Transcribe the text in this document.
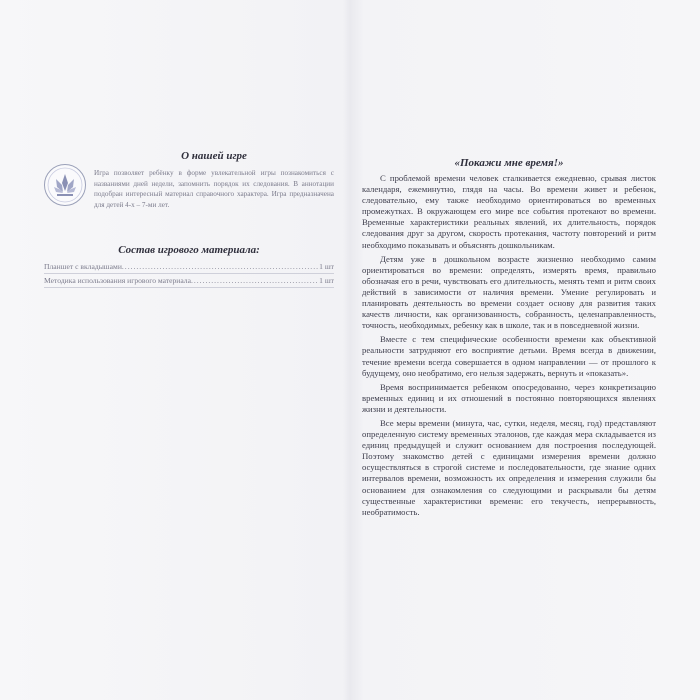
О нашей игре
Игра позволяет ребёнку в форме увлекательной игры познакомиться с названиями дней недели, запомнить порядок их следования. В аннотации подобран интересный материал справочного характера. Игра предназначена для детей 4-х – 7-ми лет.
Состав игрового материала:
Планшет с вкладышами .....	1 шт
Методика использования игрового материала .....	1 шт
«Покажи мне время!»

С проблемой времени человек сталкивается ежедневно, срывая листок календаря, ежеминутно, глядя на часы. Во времени живет и ребенок, следовательно, ему также необходимо ориентироваться во временных промежутках. В окружающем его мире все события протекают во времени. Временные характеристики реальных явлений, их длительность, порядок следования друг за другом, скорость протекания, частоту повторений и ритм необходимо показывать и объяснять дошкольникам.

Детям уже в дошкольном возрасте жизненно необходимо самим ориентироваться во времени: определять, измерять время, правильно обозначая его в речи, чувствовать его длительность, менять темп и ритм своих действий в зависимости от наличия времени. Умение регулировать и планировать деятельность во времени создает основу для развития таких качеств личности, как организованность, собранность, целенаправленность, точность, необходимых, ребенку как в школе, так и в повседневной жизни.

Вместе с тем специфические особенности времени как объективной реальности затрудняют его восприятие детьми. Время всегда в движении, течение времени всегда совершается в одном направлении — от прошлого к будущему, оно необратимо, его нельзя задержать, вернуть и «показать».

Время воспринимается ребенком опосредованно, через конкретизацию временных единиц и их отношений в постоянно повторяющихся явлениях жизни и деятельности.

Все меры времени (минута, час, сутки, неделя, месяц, год) представляют определенную систему временных эталонов, где каждая мера складывается из единиц предыдущей и служит основанием для построения последующей. Поэтому знакомство детей с единицами измерения времени должно осуществляться в строгой системе и последовательности, где знание одних интервалов времени, возможность их определения и измерения служили бы основанием для ознакомления со следующими и раскрывали бы детям существенные характеристики времени: его текучесть, непрерывность, необратимость.
